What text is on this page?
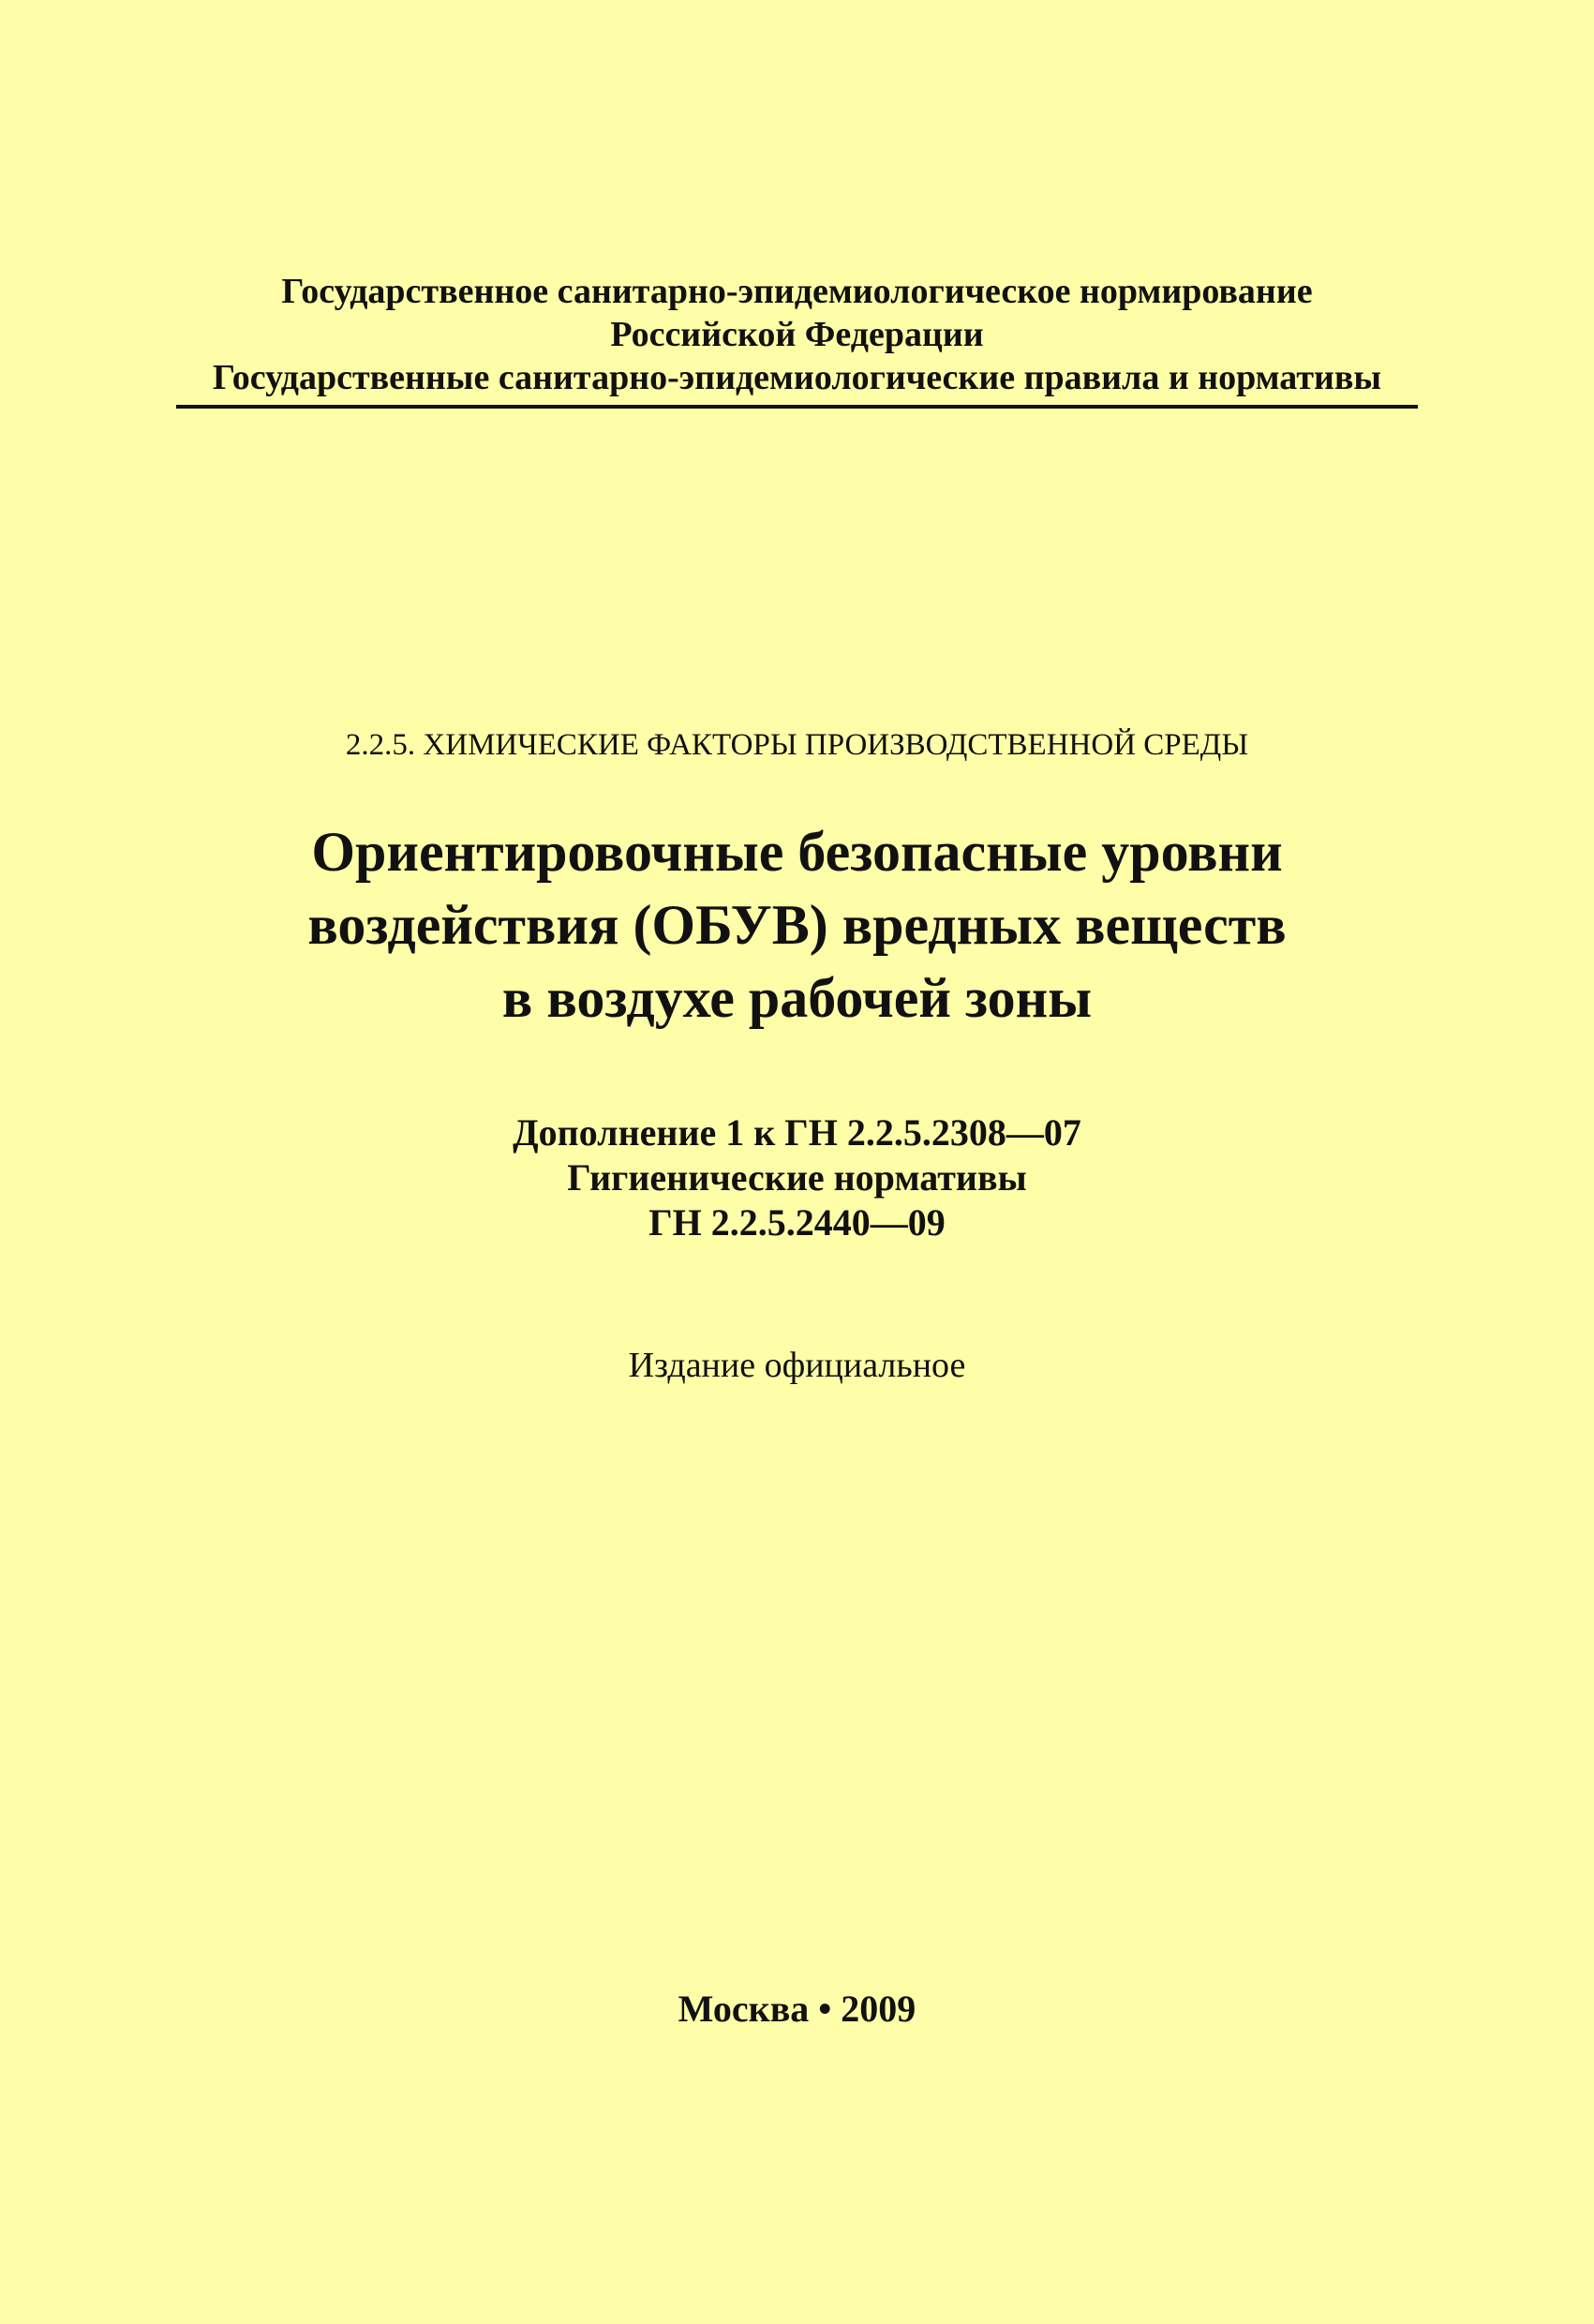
Государственное санитарно-эпидемиологическое нормирование
Российской Федерации
Государственные санитарно-эпидемиологические правила и нормативы
2.2.5. ХИМИЧЕСКИЕ ФАКТОРЫ ПРОИЗВОДСТВЕННОЙ СРЕДЫ
Ориентировочные безопасные уровни
воздействия (ОБУВ) вредных веществ
в воздухе рабочей зоны
Дополнение 1 к ГН 2.2.5.2308—07
Гигиенические нормативы
ГН 2.2.5.2440—09
Издание официальное
Москва • 2009
